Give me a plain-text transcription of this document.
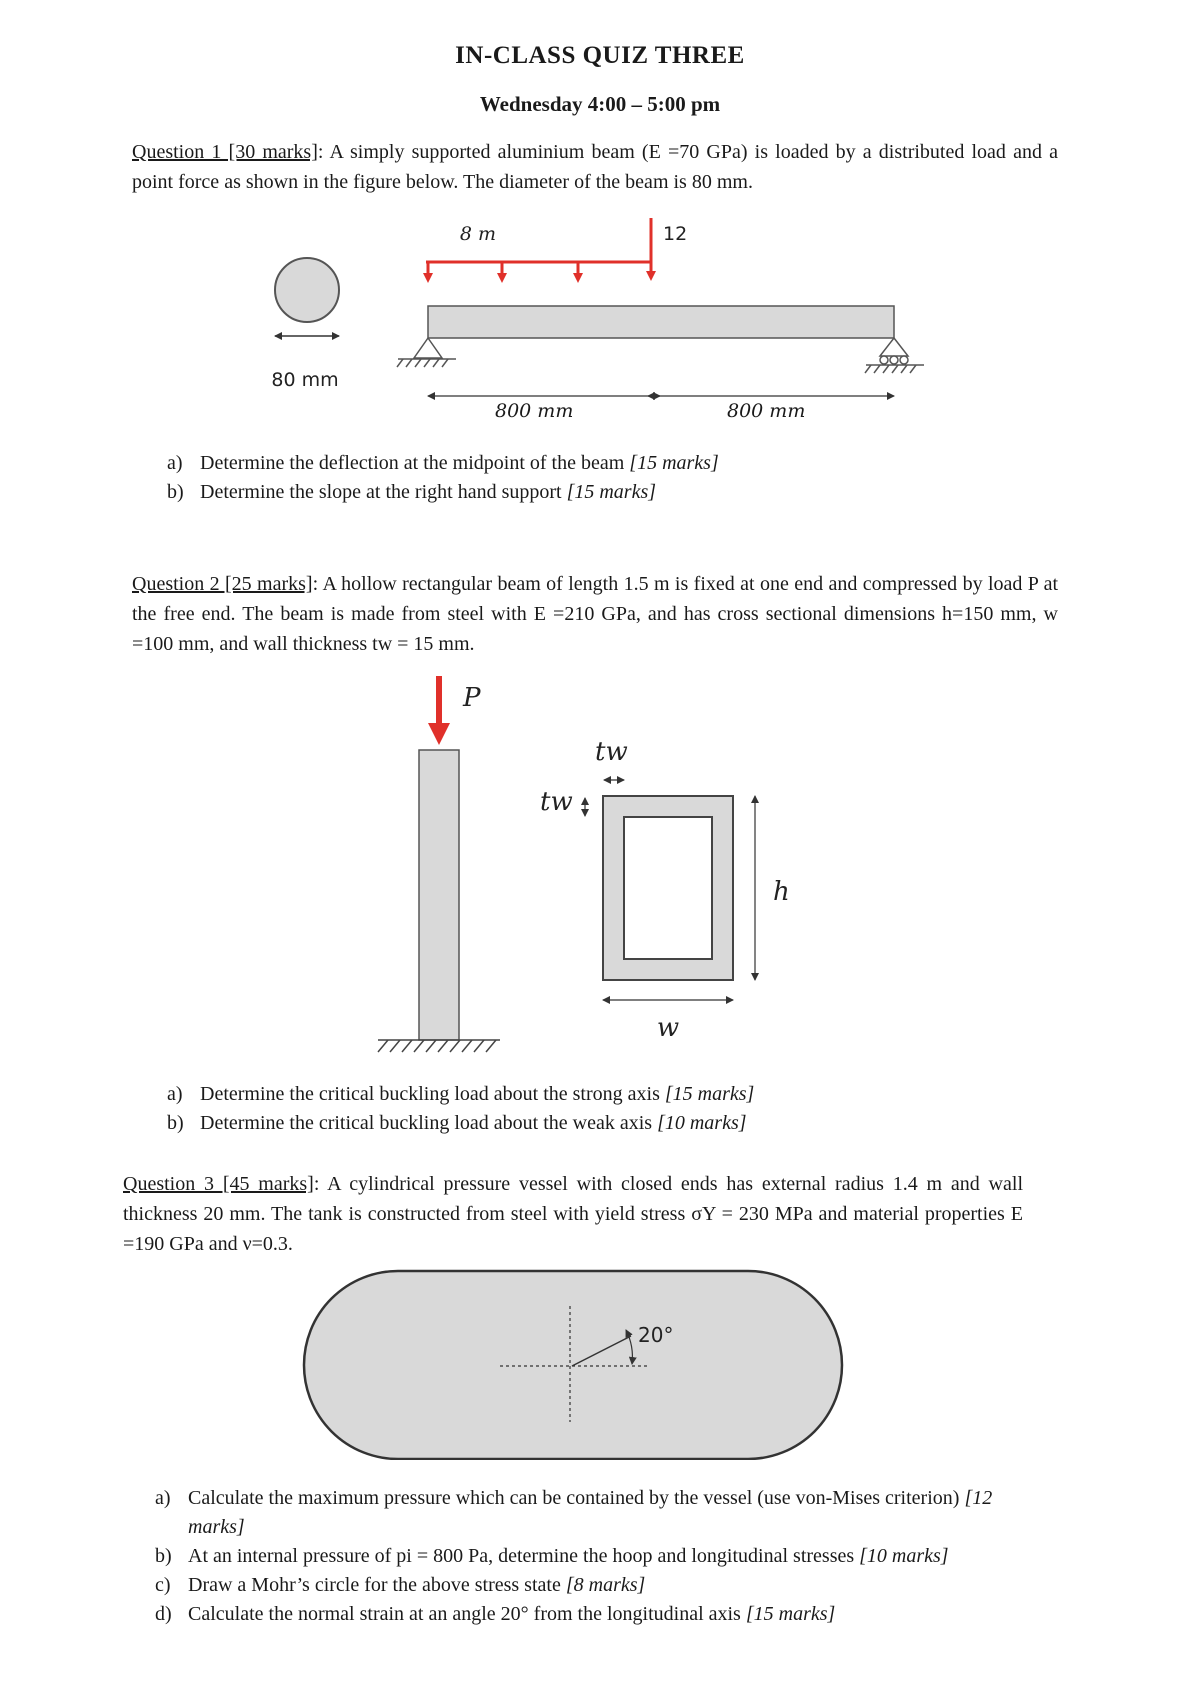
IN-CLASS QUIZ THREE
Wednesday 4:00 – 5:00 pm
Question 1 [30 marks]: A simply supported aluminium beam (E =70 GPa) is loaded by a distributed load and a point force as shown in the figure below. The diameter of the beam is 80 mm.
80 mm
8 m	12
800 mm	800 mm
a) Determine the deflection at the midpoint of the beam [15 marks]
b) Determine the slope at the right hand support [15 marks]
Question 2 [25 marks]: A hollow rectangular beam of length 1.5 m is fixed at one end and compressed by load P at the free end. The beam is made from steel with E =210 GPa, and has cross sectional dimensions h=150 mm, w =100 mm, and wall thickness tw = 15 mm.
P
tw
tw
h
w
a) Determine the critical buckling load about the strong axis [15 marks]
b) Determine the critical buckling load about the weak axis [10 marks]
Question 3 [45 marks]: A cylindrical pressure vessel with closed ends has external radius 1.4 m and wall thickness 20 mm. The tank is constructed from steel with yield stress σY = 230 MPa and material properties E =190 GPa and ν=0.3.
20°
a) Calculate the maximum pressure which can be contained by the vessel (use von-Mises criterion) [12 marks]
b) At an internal pressure of pi = 800 Pa, determine the hoop and longitudinal stresses [10 marks]
c) Draw a Mohr’s circle for the above stress state [8 marks]
d) Calculate the normal strain at an angle 20° from the longitudinal axis [15 marks]
